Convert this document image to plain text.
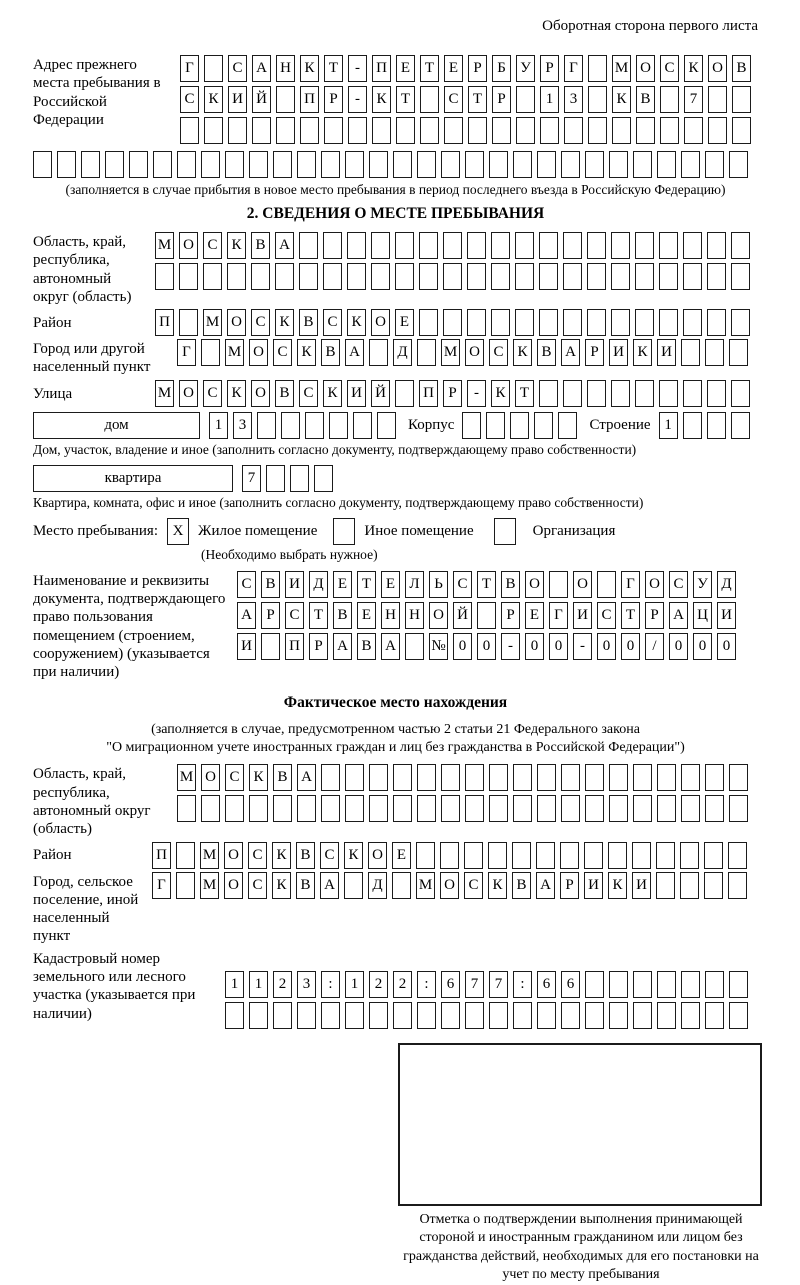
Оборотная сторона первого листа
Адрес прежнего места пребывания в Российской Федерации
Г	С А Н К Т	-	П Е Т Е	Р	Б У Р	Г	М О С К О В
С К И Й П Р	-	К Т	С Т	Р	1	3	К В	7
(заполняется в случае прибытия в новое место пребывания в период последнего въезда в Российскую Федерацию)
2. СВЕДЕНИЯ О МЕСТЕ ПРЕБЫВАНИЯ
Область, край, республика, автономный округ (область)
М О С К В А
Район	П М О С К В С К О Е
Город или другой населенный пункт
Г	М О С К В А Д М О С К В А Р И К И
Улица	М О С К О В С К И Й П Р	-	К Т
дом	1	3	Корпус	Строение 1
Дом, участок, владение и иное (заполнить согласно документу, подтверждающему право собственности)
квартира	7
Квартира, комната, офис и иное (заполнить согласно документу, подтверждающему право собственности)
Место пребывания: X Жилое помещение	Иное помещение	Организация
(Необходимо выбрать нужное)
Наименование и реквизиты документа, подтверждающего право пользования помещением (строением, сооружением) (указывается при наличии)
С В И Д Е Т Е Л Ь С Т В О О	Г О С У Д
А Р С Т В Е Н Н О Й	Р	Е	Г И С Т	Р А Ц И
И П Р А В А № 0	0	-	0	0	-	0	0	/	0	0	0
Фактическое место нахождения
(заполняется в случае, предусмотренном частью 2 статьи 21 Федерального закона
"О миграционном учете иностранных граждан и лиц без гражданства в Российской Федерации")
Область, край, республика, автономный округ (область)
М О С К В А
Район	П М О С К В С К О Е
Город, сельское поселение, иной населенный пункт
Г	М О С К В А Д М О С К В А Р И К И
Кадастровый номер земельного или лесного участка (указывается при наличии)
1	1	2	3	:	1	2	2	:	6	7	7	:	6	6
Отметка о подтверждении выполнения принимающей стороной и иностранным гражданином или лицом без гражданства действий, необходимых для его постановки на учет по месту пребывания
